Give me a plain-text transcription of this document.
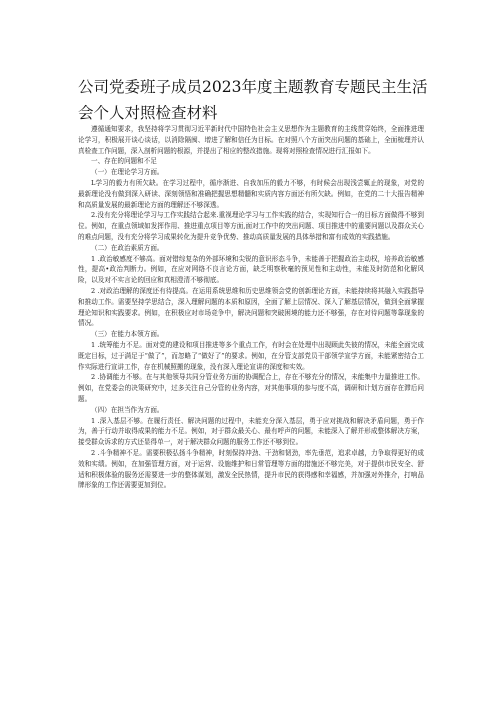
公司党委班子成员2023年度主题教育专题民主生活会个人对照检查材料

遵循通知要求，我坚持将学习贯彻习近平新时代中国特色社会主义思想作为主题教育的主线贯穿始终，全面推进理论学习，积极展开谈心谈话，以消除隔阂、增进了解和信任为目标。在对照八个方面突出问题的基础上，全面梳理并认真检查工作问题，深入剖析问题的根源，并提出了相应的整改措施。现将对照检查情况进行汇报如下。

一、存在的问题和不足

（一）在理论学习方面。

L学习的毅力有所欠缺。在学习过程中，循序渐进、自我加压的毅力不够，有时候会出现浅尝辄止的现象，对党的最新理论没有做到深入研读、深刻领悟和准确把握思想精髓和实质内容方面还有所欠缺。例如，在党的二十大报告精神和高质量发展的最新理论方面的理解还不够深透。

2.没有充分将理论学习与工作实践结合起来.重视理论学习与工作实践的结合，实现知行合一的目标方面做得不够到位。例如，在重点领域如发挥作用、推进重点项目等方面,面对工作中的突出问题、项目推进中的重要问题以及群众关心的难点问题，没有充分将学习成果转化为提升竞争优势、推动高质量发展的具体举措和富有成效的实践措施。

（二）在政治素质方面。

1 .政治敏感度不够高。面对错综复杂的外部环境和尖锐的意识形态斗争，未能善于把握政治主动权，培养政治敏感性，提高•政治判断力。例如，在应对网络不良言论方面，缺乏明察秋毫的预见性和主动性，未能及时防范和化解风险，以及对不实言论的回应和真相澄清不够彻底。

2 .对政治理解的深度还有待提高。在运用系统思维和历史思维领会党的创新理论方面，未能持续将其融入实践指导和推动工作。需要坚持学思结合，深入理解问题的本质和原因，全面了解上层情况、深入了解基层情况，做到全面掌握理论知识和实践要求。例如，在积极应对市场竞争中，解决问题和突破困境的能力还不够强，存在对待问题等靠现象的情况。

（三）在能力本领方面。

1 .统筹能力不足。面对党的建设和项目推进等多个重点工作，有时会在处理中出现顾此失彼的情况，未能全面完成既定目标，过于满足于“做了”，而忽略了“做好了”的要求。例如，在分管支部党员干部领学宣学方面，未能紧密结合工作实际进行宣讲工作，存在机械照搬的现象，没有深入理论宣讲的深度和实效。

2 .协调能力不够。在与其他领导共同分管业务方面的协调配合上，存在不够充分的情况，未能集中力量推进工作。例如，在党委会的决策研究中，过多关注自己分管的业务内容，对其他事项的参与度不高，调研和计划方面存在滞后问题。

（四）在担当作为方面。

1 .深入基层不够。在履行责任、解决问题的过程中，未能充分深入基层，勇于应对挑战和解决矛盾问题，勇于作为，善于行动并取得成果的能力不足。例如，对于群众最关心、最有呼声的问题，未能深入了解并形成整体解决方案，接受群众诉求的方式还显得单一，对于解决群众问题的服务工作还不够到位。

2 .斗争精神不足。需要积极弘扬斗争精神，时刻保持冲劲、干劲和韧劲，率先垂范，追求卓越，力争取得更好的成效和实绩。例如，在加强管理方面，对于运营、设施维护和日常管理等方面的措施还不够完美，对于提供市民安全、舒适和积极体验的服务还需要进一步的整体谋划，激发全民热情，提升市民的获得感和幸福感，并加强对外推介，打响品牌形象的工作还需要更加到位。
